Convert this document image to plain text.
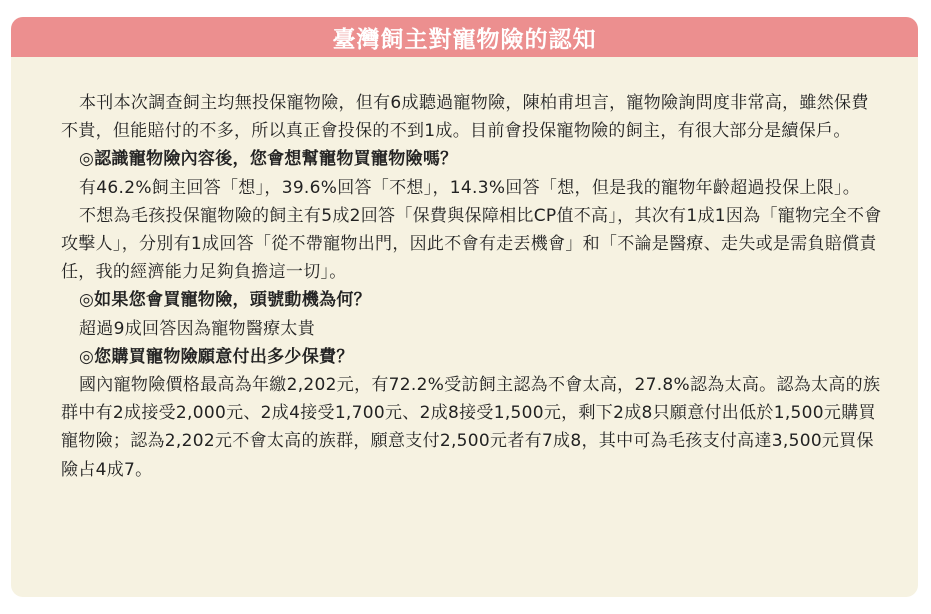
臺灣飼主對寵物險的認知

本刊本次調查飼主均無投保寵物險，但有6成聽過寵物險，陳柏甫坦言，寵物險詢問度非常高，雖然保費不貴，但能賠付的不多，所以真正會投保的不到1成。目前會投保寵物險的飼主，有很大部分是續保戶。

◎認識寵物險內容後，您會想幫寵物買寵物險嗎？

有46.2%飼主回答「想」，39.6%回答「不想」，14.3%回答「想，但是我的寵物年齡超過投保上限」。

不想為毛孩投保寵物險的飼主有5成2回答「保費與保障相比CP值不高」，其次有1成1因為「寵物完全不會攻擊人」，分別有1成回答「從不帶寵物出門，因此不會有走丟機會」和「不論是醫療、走失或是需負賠償責任，我的經濟能力足夠負擔這一切」。

◎如果您會買寵物險，頭號動機為何？

超過9成回答因為寵物醫療太貴

◎您購買寵物險願意付出多少保費？

國內寵物險價格最高為年繳2,202元，有72.2%受訪飼主認為不會太高，27.8%認為太高。認為太高的族群中有2成接受2,000元、2成4接受1,700元、2成8接受1,500元，剩下2成8只願意付出低於1,500元購買寵物險；認為2,202元不會太高的族群，願意支付2,500元者有7成8，其中可為毛孩支付高達3,500元買保險占4成7。
